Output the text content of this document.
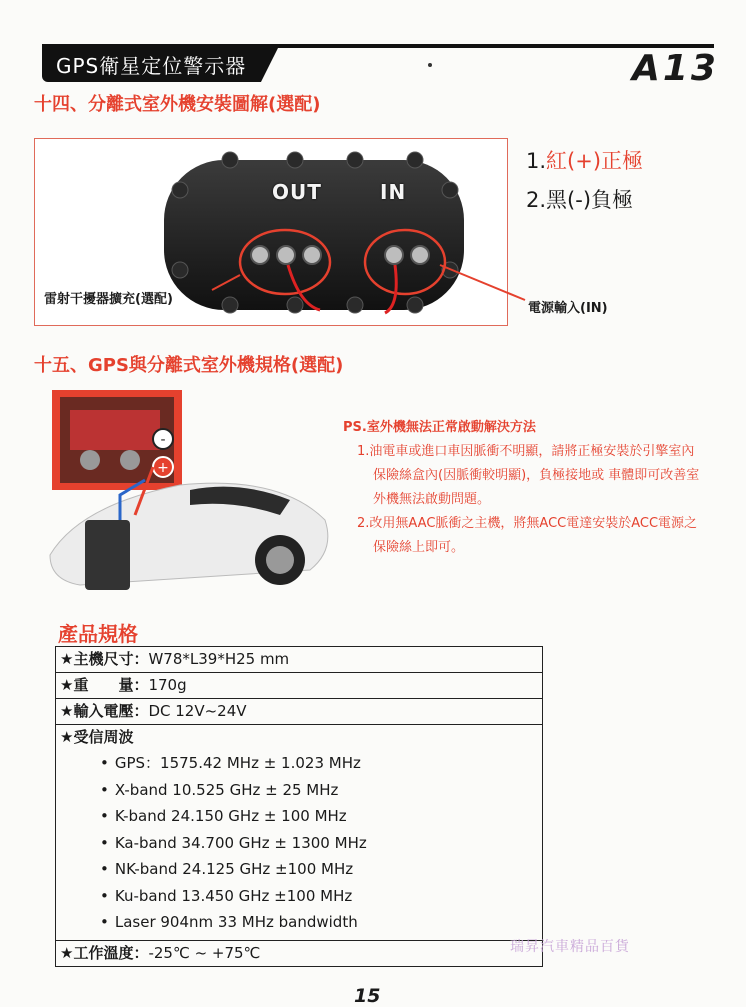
GPS衛星定位警示器	A13
十四、分離式室外機安裝圖解(選配)
OUT	IN
雷射干擾器擴充(選配)
電源輸入(IN)
1.紅(+)正極
2.黑(-)負極
十五、GPS與分離式室外機規格(選配)
-
+
PS.室外機無法正常啟動解決方法
1.油電車或進口車因脈衝不明顯，請將正極安裝於引擎室內保險絲盒內(因脈衝較明顯)，負極接地或 車體即可改善室外機無法啟動問題。
2.改用無AAC脈衝之主機，將無ACC電達安裝於ACC電源之保險絲上即可。
產品規格
★主機尺寸：W78*L39*H25 mm
★重　　量：170g
★輸入電壓：DC 12V~24V
★受信周波
• GPS：1575.42 MHz ± 1.023 MHz
• X-band 10.525 GHz ± 25 MHz
• K-band 24.150 GHz ± 100 MHz
• Ka-band 34.700 GHz ± 1300 MHz
• NK-band 24.125 GHz ±100 MHz
• Ku-band 13.450 GHz ±100 MHz
• Laser 904nm 33 MHz bandwidth
★工作溫度：-25℃ ~ +75℃	瑞昇汽車精品百貨
15
